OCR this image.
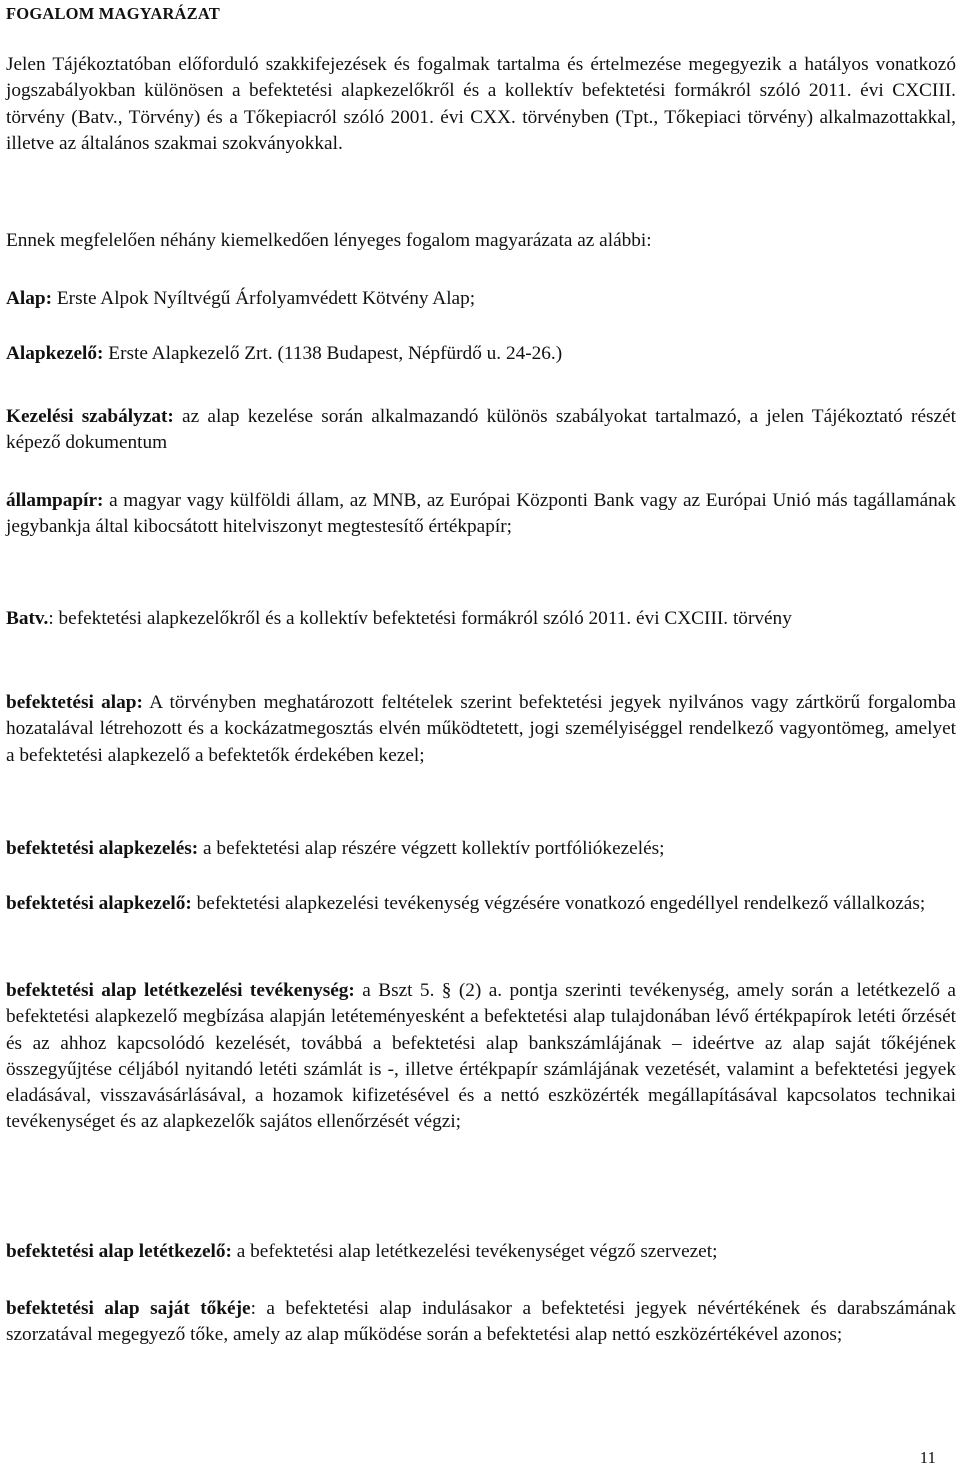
FOGALOM MAGYARÁZAT

Jelen Tájékoztatóban előforduló szakkifejezések és fogalmak tartalma és értelmezése megegyezik a hatályos vonatkozó jogszabályokban különösen a befektetési alapkezelőkről és a kollektív befektetési formákról szóló 2011. évi CXCIII. törvény (Batv., Törvény) és a Tőkepiacról szóló 2001. évi CXX. törvényben (Tpt., Tőkepiaci törvény) alkalmazottakkal, illetve az általános szakmai szokványokkal.

Ennek megfelelően néhány kiemelkedően lényeges fogalom magyarázata az alábbi:

Alap: Erste Alpok Nyíltvégű Árfolyamvédett Kötvény Alap;

Alapkezelő: Erste Alapkezelő Zrt. (1138 Budapest, Népfürdő u. 24-26.)

Kezelési szabályzat: az alap kezelése során alkalmazandó különös szabályokat tartalmazó, a jelen Tájékoztató részét képező dokumentum

állampapír: a magyar vagy külföldi állam, az MNB, az Európai Központi Bank vagy az Európai Unió más tagállamának jegybankja által kibocsátott hitelviszonyt megtestesítő értékpapír;

Batv.: befektetési alapkezelőkről és a kollektív befektetési formákról szóló 2011. évi CXCIII. törvény

befektetési alap: A törvényben meghatározott feltételek szerint befektetési jegyek nyilvános vagy zártkörű forgalomba hozatalával létrehozott és a kockázatmegosztás elvén működtetett, jogi személyiséggel rendelkező vagyontömeg, amelyet a befektetési alapkezelő a befektetők érdekében kezel;

befektetési alapkezelés: a befektetési alap részére végzett kollektív portfóliókezelés;

befektetési alapkezelő: befektetési alapkezelési tevékenység végzésére vonatkozó engedéllyel rendelkező vállalkozás;

befektetési alap letétkezelési tevékenység: a Bszt 5. § (2) a. pontja szerinti tevékenység, amely során a letétkezelő a befektetési alapkezelő megbízása alapján letéteményesként a befektetési alap tulajdonában lévő értékpapírok letéti őrzését és az ahhoz kapcsolódó kezelését, továbbá a befektetési alap bankszámlájának – ideértve az alap saját tőkéjének összegyűjtése céljából nyitandó letéti számlát is -, illetve értékpapír számlájának vezetését, valamint a befektetési jegyek eladásával, visszavásárlásával, a hozamok kifizetésével és a nettó eszközérték megállapításával kapcsolatos technikai tevékenységet és az alapkezelők sajátos ellenőrzését végzi;

befektetési alap letétkezelő: a befektetési alap letétkezelési tevékenységet végző szervezet;

befektetési alap saját tőkéje: a befektetési alap indulásakor a befektetési jegyek névértékének és darabszámának szorzatával megegyező tőke, amely az alap működése során a befektetési alap nettó eszközértékével azonos;

11
